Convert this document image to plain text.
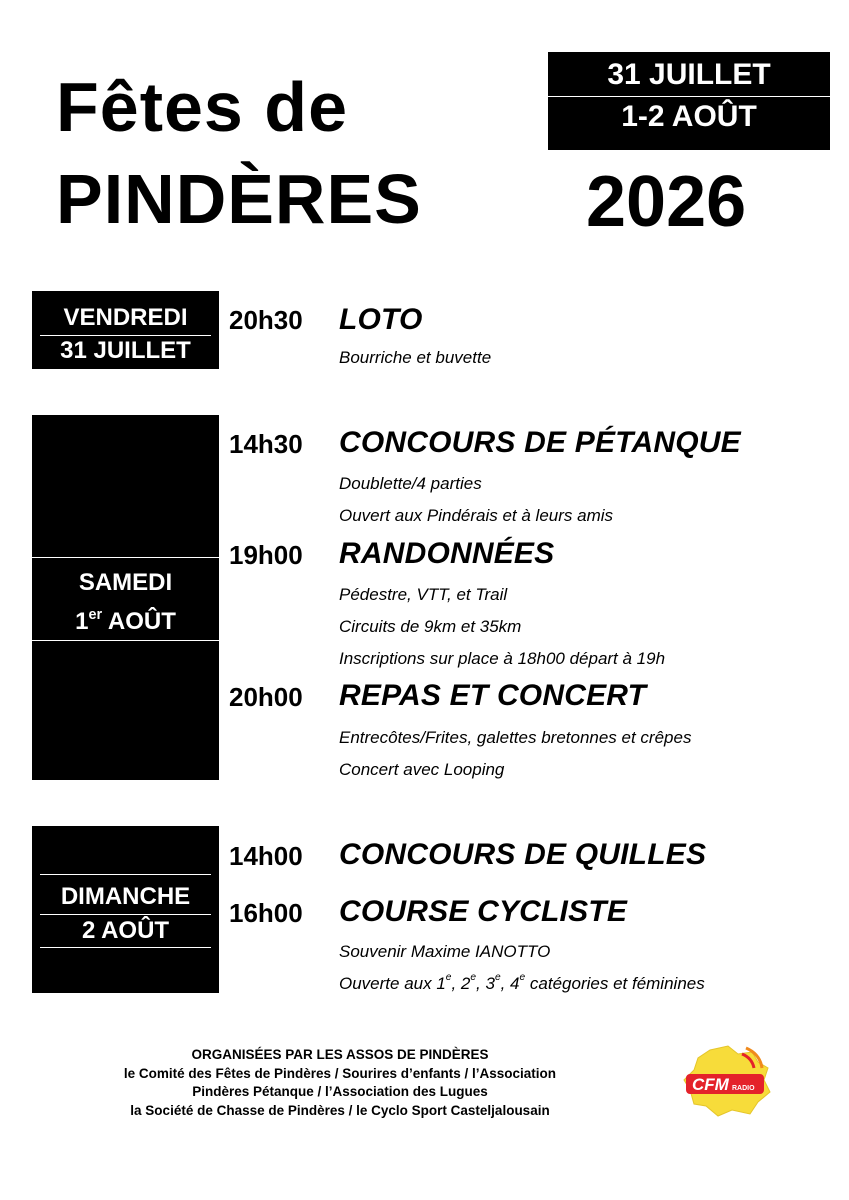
Fêtes de
PINDÈRES
31 JUILLET
1-2 AOÛT
2026
VENDREDI
31 JUILLET
20h30 LOTO
Bourriche et buvette
SAMEDI
1er AOÛT
14h30 CONCOURS DE PÉTANQUE
Doublette/4 parties
Ouvert aux Pindérais et à leurs amis
19h00 RANDONNÉES
Pédestre, VTT, et Trail
Circuits de 9km et 35km
Inscriptions sur place à 18h00 départ à 19h
20h00 REPAS ET CONCERT
Entrecôtes/Frites, galettes bretonnes et crêpes
Concert avec Looping
DIMANCHE
2 AOÛT
14h00 CONCOURS DE QUILLES
16h00 COURSE CYCLISTE
Souvenir Maxime IANOTTO
Ouverte aux 1e, 2e, 3e, 4e catégories et féminines
ORGANISÉES PAR LES ASSOS DE PINDÈRES
le Comité des Fêtes de Pindères / Sourires d’enfants / l’Association
Pindères Pétanque / l’Association des Lugues
la Société de Chasse de Pindères / le Cyclo Sport Casteljalousain
CFM RADIO
